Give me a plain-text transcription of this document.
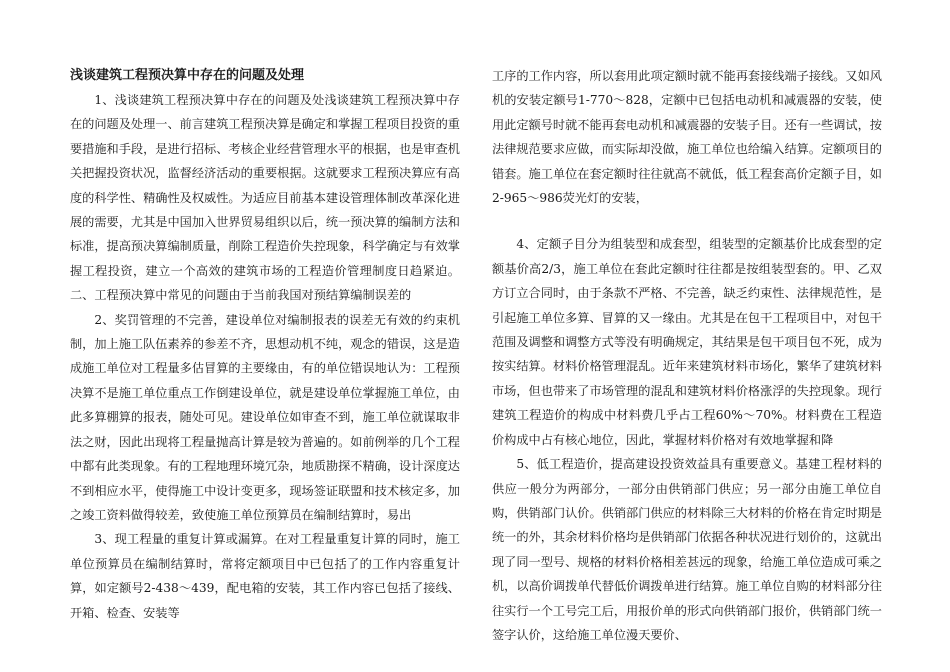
浅谈建筑工程预决算中存在的问题及处理

1、浅谈建筑工程预决算中存在的问题及处浅谈建筑工程预决算中存在的问题及处理一、前言建筑工程预决算是确定和掌握工程项目投资的重要措施和手段，是进行招标、考核企业经营管理水平的根据，也是审查机关把握投资状况，监督经济活动的重要根据。这就要求工程预决算应有高度的科学性、精确性及权威性。为适应目前基本建设管理体制改革深化进展的需要，尤其是中国加入世界贸易组织以后，统一预决算的编制方法和标准，提高预决算编制质量，削除工程造价失控现象，科学确定与有效掌握工程投资，建立一个高效的建筑市场的工程造价管理制度日趋紧迫。二、工程预决算中常见的问题由于当前我国对预结算编制误差的

2、奖罚管理的不完善，建设单位对编制报表的误差无有效的约束机制，加上施工队伍素养的参差不齐，思想动机不纯，观念的错误，这是造成施工单位对工程量多估冒算的主要缘由，有的单位错误地认为：工程预决算不是施工单位重点工作倒建设单位，就是建设单位掌握施工单位，由此多算棚算的报表，随处可见。建设单位如审查不到，施工单位就谋取非法之财，因此出现将工程量抛高计算是较为普遍的。如前例举的几个工程中都有此类现象。有的工程地理环境冗杂，地质勘探不精确，设计深度达不到相应水平，使得施工中设计变更多，现场签证联盟和技术核定多，加之竣工资料做得较差，致使施工单位预算员在编制结算时，易出

3、现工程量的重复计算或漏算。在对工程量重复计算的同时，施工单位预算员在编制结算时，常将定额项目中已包括了的工作内容重复计算，如定额号2-438～439，配电箱的安装，其工作内容已包括了接线、开箱、检查、安装等

工序的工作内容，所以套用此项定额时就不能再套接线端子接线。又如风机的安装定额号1-770～828，定额中已包括电动机和减震器的安装，使用此定额号时就不能再套电动机和减震器的安装子目。还有一些调试，按法律规范要求应做，而实际却没做，施工单位也给编入结算。定额项目的错套。施工单位在套定额时往往就高不就低，低工程套高价定额子目，如2-965～986荧光灯的安装，

4、定额子目分为组装型和成套型，组装型的定额基价比成套型的定额基价高2/3，施工单位在套此定额时往往都是按组装型套的。甲、乙双方订立合同时，由于条款不严格、不完善，缺乏约束性、法律规范性，是引起施工单位多算、冒算的又一缘由。尤其是在包干工程项目中，对包干范围及调整和调整方式等没有明确规定，其结果是包干项目包不死，成为按实结算。材料价格管理混乱。近年来建筑材料市场化，繁华了建筑材料市场，但也带来了市场管理的混乱和建筑材料价格涨浮的失控现象。现行建筑工程造价的构成中材料费几乎占工程60%～70%。材料费在工程造价构成中占有核心地位，因此，掌握材料价格对有效地掌握和降

5、低工程造价，提高建设投资效益具有重要意义。基建工程材料的供应一般分为两部分，一部分由供销部门供应；另一部分由施工单位自购，供销部门认价。供销部门供应的材料除三大材料的价格在肯定时期是统一的外，其余材料价格均是供销部门依据各种状况进行划价的，这就出现了同一型号、规格的材料价格相差甚远的现象，给施工单位造成可乘之机，以高价调拨单代替低价调拨单进行结算。施工单位自购的材料部分往往实行一个工号完工后，用报价单的形式向供销部门报价，供销部门统一签字认价，这给施工单位漫天要价、
